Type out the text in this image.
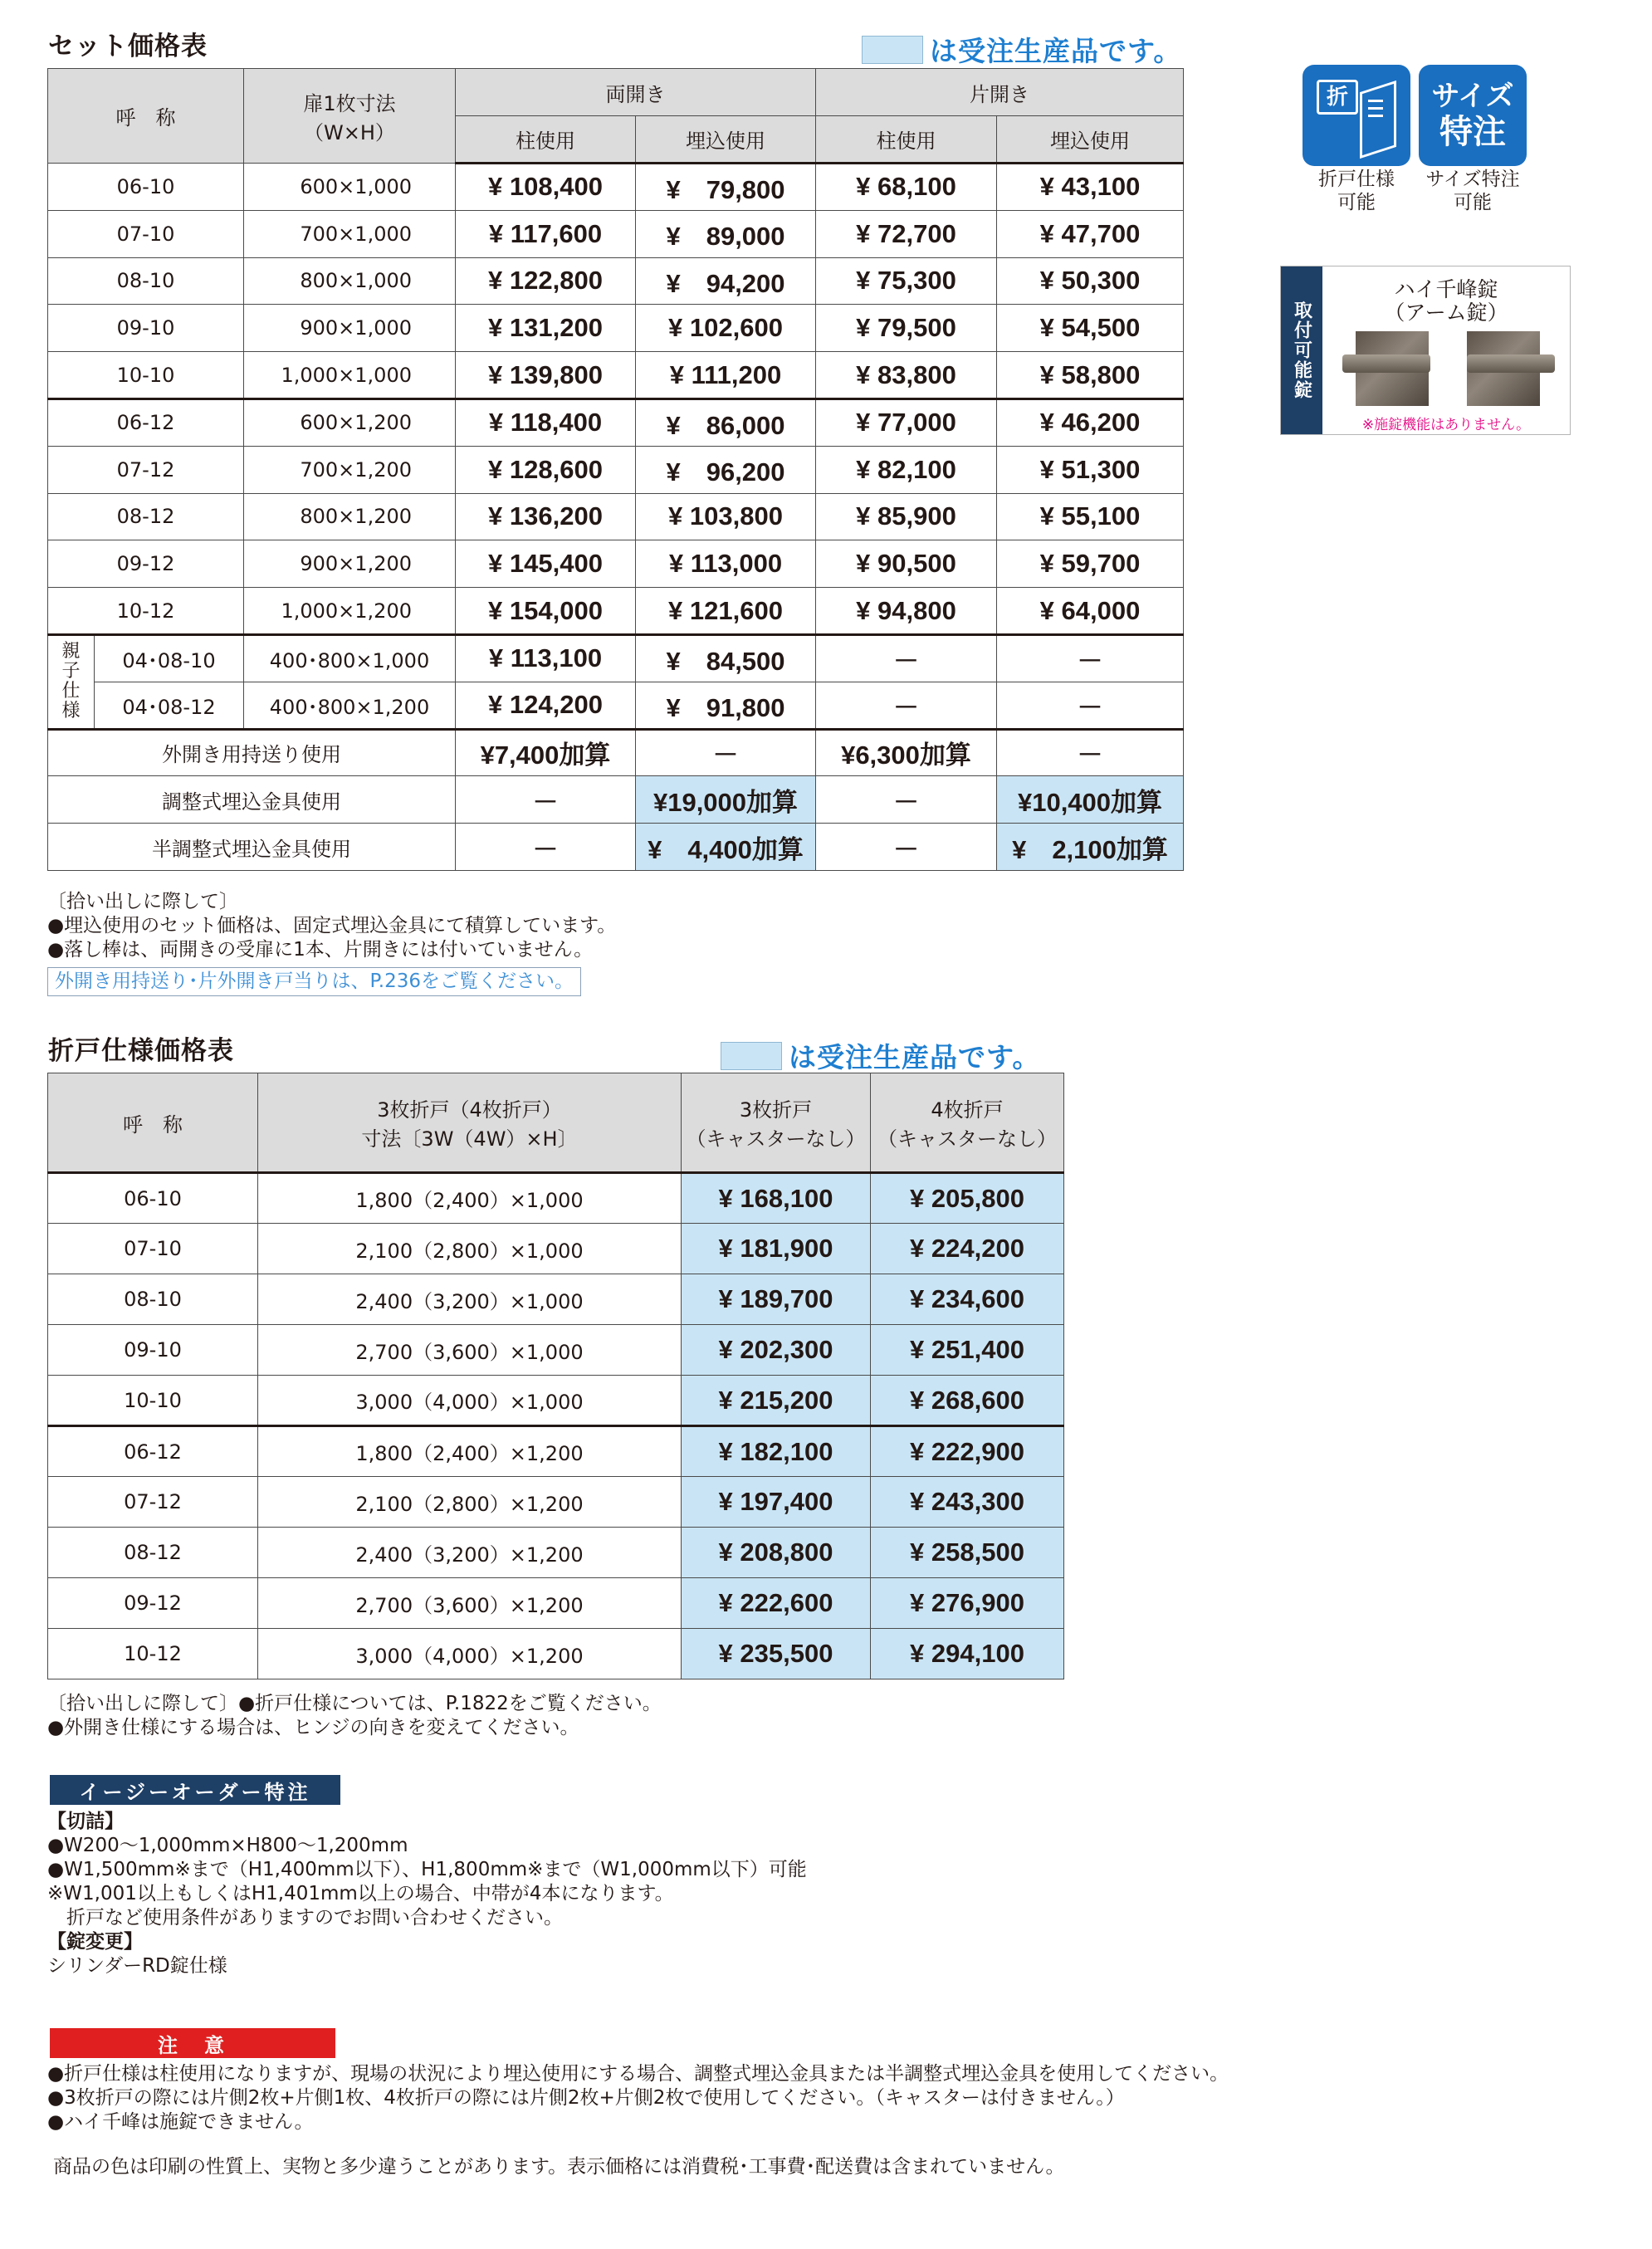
セット価格表	は受注生産品です。
呼　称		扉1枚寸法
（W×H）	両開き		片開き	
			柱使用	埋込使用	柱使用	埋込使用
06-10		600×1,000	¥ 108,400	¥　79,800	¥ 68,100	¥ 43,100
07-10		700×1,000	¥ 117,600	¥　89,000	¥ 72,700	¥ 47,700
08-10		800×1,000	¥ 122,800	¥　94,200	¥ 75,300	¥ 50,300
09-10		900×1,000	¥ 131,200	¥ 102,600	¥ 79,500	¥ 54,500
10-10		1,000×1,000	¥ 139,800	¥ 111,200	¥ 83,800	¥ 58,800
06-12		600×1,200	¥ 118,400	¥　86,000	¥ 77,000	¥ 46,200
07-12		700×1,200	¥ 128,600	¥　96,200	¥ 82,100	¥ 51,300
08-12		800×1,200	¥ 136,200	¥ 103,800	¥ 85,900	¥ 55,100
09-12		900×1,200	¥ 145,400	¥ 113,000	¥ 90,500	¥ 59,700
10-12		1,000×1,200	¥ 154,000	¥ 121,600	¥ 94,800	¥ 64,000
親子仕様	04･08-10	400･800×1,000	¥ 113,100	¥　84,500	－	－
	04･08-12	400･800×1,200	¥ 124,200	¥　91,800	－	－
外開き用持送り使用			¥7,400加算	－	¥6,300加算	－
調整式埋込金具使用			－	¥19,000加算	－	¥10,400加算
半調整式埋込金具使用			－	¥　4,400加算	－	¥　2,100加算
〔拾い出しに際して〕
●埋込使用のセット価格は、固定式埋込金具にて積算しています。
●落し棒は、両開きの受扉に1本、片開きには付いていません。
外開き用持送り･片外開き戸当りは、P.236をご覧ください。
折戸仕様価格表	は受注生産品です。
呼　称	3枚折戸（4枚折戸）
寸法〔3W（4W）×H〕	3枚折戸
（キャスターなし）	4枚折戸
（キャスターなし）
06-10	1,800（2,400）×1,000	¥ 168,100	¥ 205,800
07-10	2,100（2,800）×1,000	¥ 181,900	¥ 224,200
08-10	2,400（3,200）×1,000	¥ 189,700	¥ 234,600
09-10	2,700（3,600）×1,000	¥ 202,300	¥ 251,400
10-10	3,000（4,000）×1,000	¥ 215,200	¥ 268,600
06-12	1,800（2,400）×1,200	¥ 182,100	¥ 222,900
07-12	2,100（2,800）×1,200	¥ 197,400	¥ 243,300
08-12	2,400（3,200）×1,200	¥ 208,800	¥ 258,500
09-12	2,700（3,600）×1,200	¥ 222,600	¥ 276,900
10-12	3,000（4,000）×1,200	¥ 235,500	¥ 294,100
〔拾い出しに際して〕●折戸仕様については、P.1822をご覧ください。
●外開き仕様にする場合は、ヒンジの向きを変えてください。
イージーオーダー特注
【切詰】
●W200～1,000mm×H800～1,200mm
●W1,500mm※まで（H1,400mm以下）、H1,800mm※まで（W1,000mm以下）可能
※W1,001以上もしくはH1,401mm以上の場合、中帯が4本になります。
　折戸など使用条件がありますのでお問い合わせください。
【錠変更】
シリンダーRD錠仕様
注　意
●折戸仕様は柱使用になりますが、現場の状況により埋込使用にする場合、調整式埋込金具または半調整式埋込金具を使用してください。
●3枚折戸の際には片側2枚+片側1枚、4枚折戸の際には片側2枚+片側2枚で使用してください。（キャスターは付きません。）
●ハイ千峰は施錠できません。
商品の色は印刷の性質上、実物と多少違うことがあります。表示価格には消費税･工事費･配送費は含まれていません。
折	サイズ
特注
折戸仕様
可能
サイズ特注
可能
取付可能錠
ハイ千峰錠
（アーム錠）
※施錠機能はありません。
